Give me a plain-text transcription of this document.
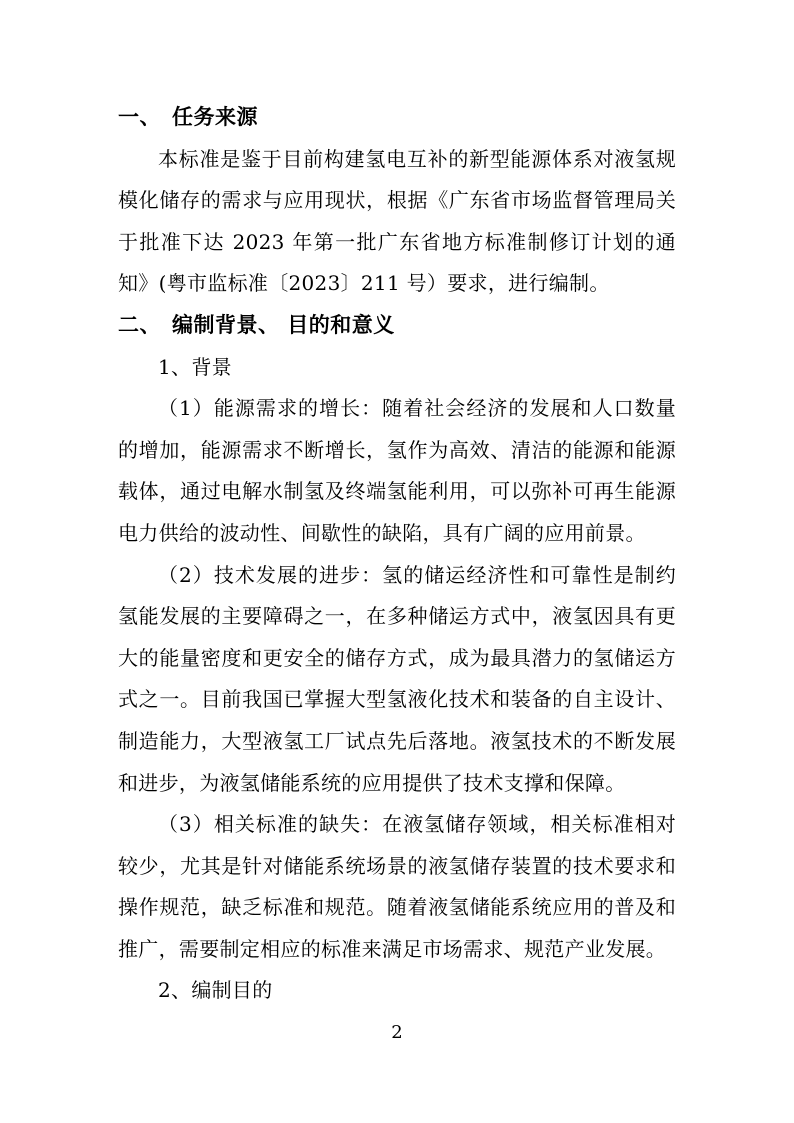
一、　任务来源

本标准是鉴于目前构建氢电互补的新型能源体系对液氢规模化储存的需求与应用现状，根据《广东省市场监督管理局关于批准下达 2023 年第一批广东省地方标准制修订计划的通知》(粤市监标准〔2023〕211 号）要求，进行编制。

二、　编制背景、 目的和意义
1、背景

（1）能源需求的增长：随着社会经济的发展和人口数量的增加，能源需求不断增长，氢作为高效、清洁的能源和能源载体，通过电解水制氢及终端氢能利用，可以弥补可再生能源电力供给的波动性、间歇性的缺陷，具有广阔的应用前景。

（2）技术发展的进步：氢的储运经济性和可靠性是制约氢能发展的主要障碍之一，在多种储运方式中，液氢因具有更大的能量密度和更安全的储存方式，成为最具潜力的氢储运方式之一。目前我国已掌握大型氢液化技术和装备的自主设计、制造能力，大型液氢工厂试点先后落地。液氢技术的不断发展和进步，为液氢储能系统的应用提供了技术支撑和保障。

（3）相关标准的缺失：在液氢储存领域，相关标准相对较少，尤其是针对储能系统场景的液氢储存装置的技术要求和操作规范，缺乏标准和规范。随着液氢储能系统应用的普及和推广，需要制定相应的标准来满足市场需求、规范产业发展。

2、编制目的
2
